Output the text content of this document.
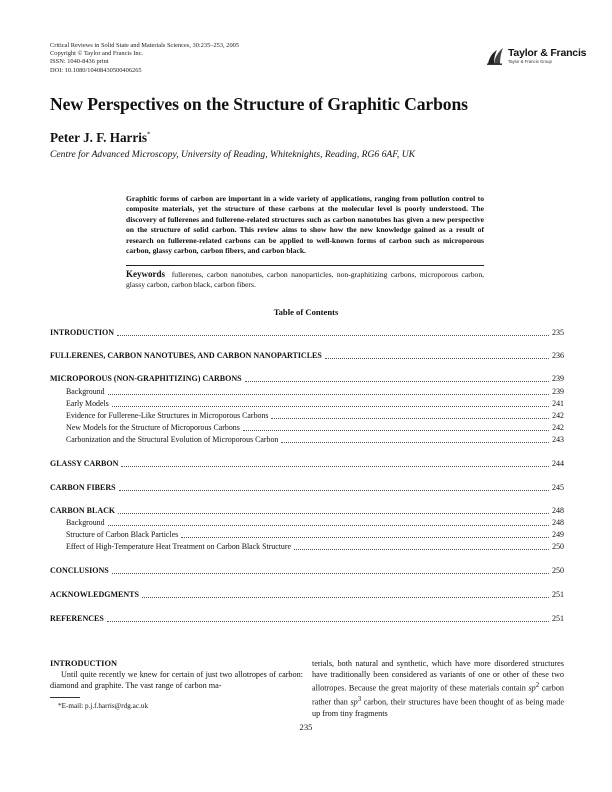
Critical Reviews in Solid State and Materials Sciences, 30:235–253, 2005
Copyright © Taylor and Francis Inc.
ISSN: 1040-8436 print
DOI: 10.1080/10408430500406265
Taylor & Francis
Taylor & Francis Group
New Perspectives on the Structure of Graphitic Carbons
Peter J. F. Harris*
Centre for Advanced Microscopy, University of Reading, Whiteknights, Reading, RG6 6AF, UK
Graphitic forms of carbon are important in a wide variety of applications, ranging from pollution control to composite materials, yet the structure of these carbons at the molecular level is poorly understood. The discovery of fullerenes and fullerene-related structures such as carbon nanotubes has given a new perspective on the structure of solid carbon. This review aims to show how the new knowledge gained as a result of research on fullerene-related carbons can be applied to well-known forms of carbon such as microporous carbon, glassy carbon, carbon fibers, and carbon black.
Keywords fullerenes, carbon nanotubes, carbon nanoparticles, non-graphitizing carbons, microporous carbon, glassy carbon, carbon black, carbon fibers.
Table of Contents
INTRODUCTION	235
FULLERENES, CARBON NANOTUBES, AND CARBON NANOPARTICLES	236
MICROPOROUS (NON-GRAPHITIZING) CARBONS	239
Background	239
Early Models	241
Evidence for Fullerene-Like Structures in Microporous Carbons	242
New Models for the Structure of Microporous Carbons	242
Carbonization and the Structural Evolution of Microporous Carbon	243
GLASSY CARBON	244
CARBON FIBERS	245
CARBON BLACK	248
Background	248
Structure of Carbon Black Particles	249
Effect of High-Temperature Heat Treatment on Carbon Black Structure	250
CONCLUSIONS	250
ACKNOWLEDGMENTS	251
REFERENCES	251
INTRODUCTION
Until quite recently we knew for certain of just two allotropes of carbon: diamond and graphite. The vast range of carbon ma-
*E-mail: p.j.f.harris@rdg.ac.uk
terials, both natural and synthetic, which have more disordered structures have traditionally been considered as variants of one or other of these two allotropes. Because the great majority of these materials contain $sp^2$ carbon rather than $sp^3$ carbon, their structures have been thought of as being made up from tiny fragments
235
